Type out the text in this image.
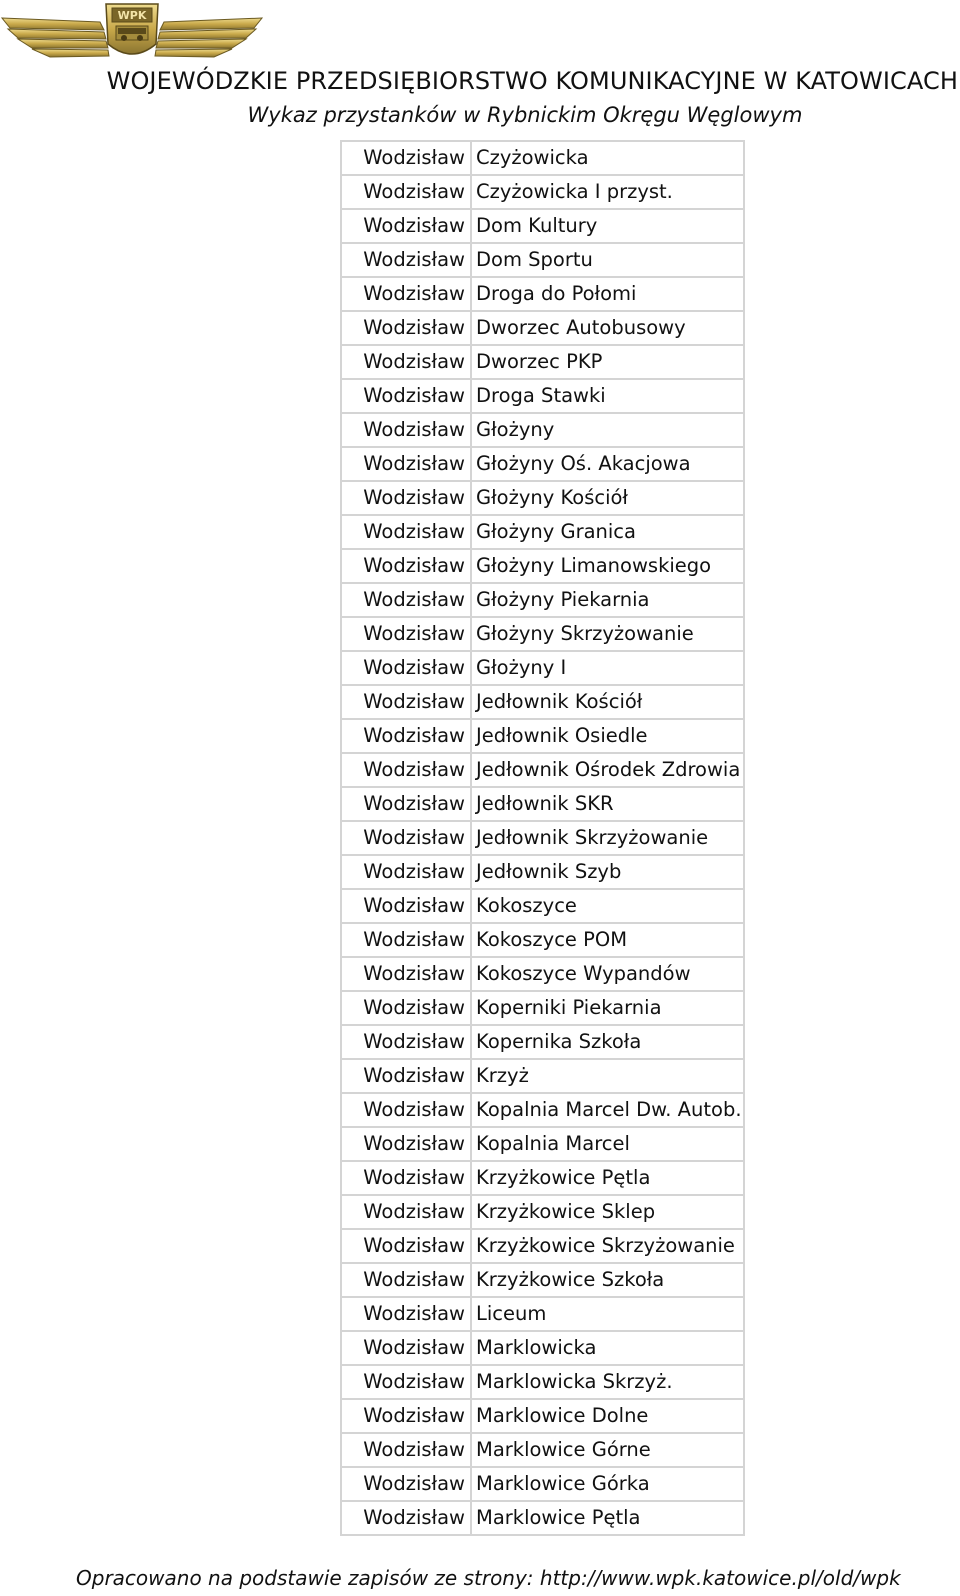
WPK
WOJEWÓDZKIE PRZEDSIĘBIORSTWO KOMUNIKACYJNE W KATOWICACH
Wykaz przystanków w Rybnickim Okręgu Węglowym
Wodzisław	Czyżowicka
Wodzisław	Czyżowicka I przyst.
Wodzisław	Dom Kultury
Wodzisław	Dom Sportu
Wodzisław	Droga do Połomi
Wodzisław	Dworzec Autobusowy
Wodzisław	Dworzec PKP
Wodzisław	Droga Stawki
Wodzisław	Głożyny
Wodzisław	Głożyny Oś. Akacjowa
Wodzisław	Głożyny Kościół
Wodzisław	Głożyny Granica
Wodzisław	Głożyny Limanowskiego
Wodzisław	Głożyny Piekarnia
Wodzisław	Głożyny Skrzyżowanie
Wodzisław	Głożyny I
Wodzisław	Jedłownik Kościół
Wodzisław	Jedłownik Osiedle
Wodzisław	Jedłownik Ośrodek Zdrowia
Wodzisław	Jedłownik SKR
Wodzisław	Jedłownik Skrzyżowanie
Wodzisław	Jedłownik Szyb
Wodzisław	Kokoszyce
Wodzisław	Kokoszyce POM
Wodzisław	Kokoszyce Wypandów
Wodzisław	Koperniki Piekarnia
Wodzisław	Kopernika Szkoła
Wodzisław	Krzyż
Wodzisław	Kopalnia Marcel Dw. Autob.
Wodzisław	Kopalnia Marcel
Wodzisław	Krzyżkowice Pętla
Wodzisław	Krzyżkowice Sklep
Wodzisław	Krzyżkowice Skrzyżowanie
Wodzisław	Krzyżkowice Szkoła
Wodzisław	Liceum
Wodzisław	Marklowicka
Wodzisław	Marklowicka Skrzyż.
Wodzisław	Marklowice Dolne
Wodzisław	Marklowice Górne
Wodzisław	Marklowice Górka
Wodzisław	Marklowice Pętla
Opracowano na podstawie zapisów ze strony: http://www.wpk.katowice.pl/old/wpk
